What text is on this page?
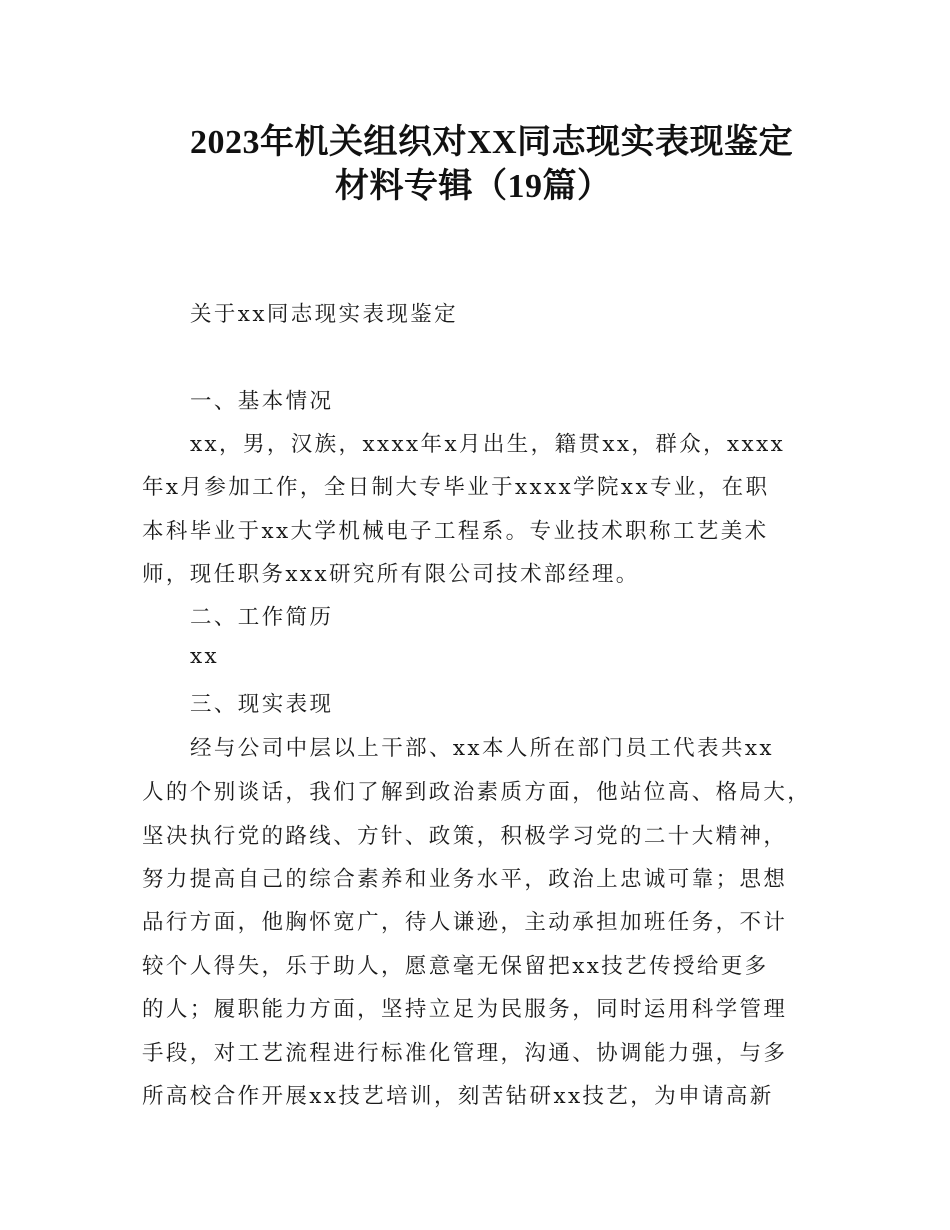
2023年机关组织对XX同志现实表现鉴定
材料专辑（19篇）

关于xx同志现实表现鉴定

一、基本情况

xx，男，汉族，xxxx年x月出生，籍贯xx，群众，xxxx

年x月参加工作，全日制大专毕业于xxxx学院xx专业，在职

本科毕业于xx大学机械电子工程系。专业技术职称工艺美术

师，现任职务xxx研究所有限公司技术部经理。

二、工作简历

xx

三、现实表现

经与公司中层以上干部、xx本人所在部门员工代表共xx

人的个别谈话，我们了解到政治素质方面，他站位高、格局大，

坚决执行党的路线、方针、政策，积极学习党的二十大精神，

努力提高自己的综合素养和业务水平，政治上忠诚可靠；思想

品行方面，他胸怀宽广，待人谦逊，主动承担加班任务，不计

较个人得失，乐于助人，愿意毫无保留把xx技艺传授给更多

的人；履职能力方面，坚持立足为民服务，同时运用科学管理

手段，对工艺流程进行标准化管理，沟通、协调能力强，与多

所高校合作开展xx技艺培训，刻苦钻研xx技艺，为申请高新
